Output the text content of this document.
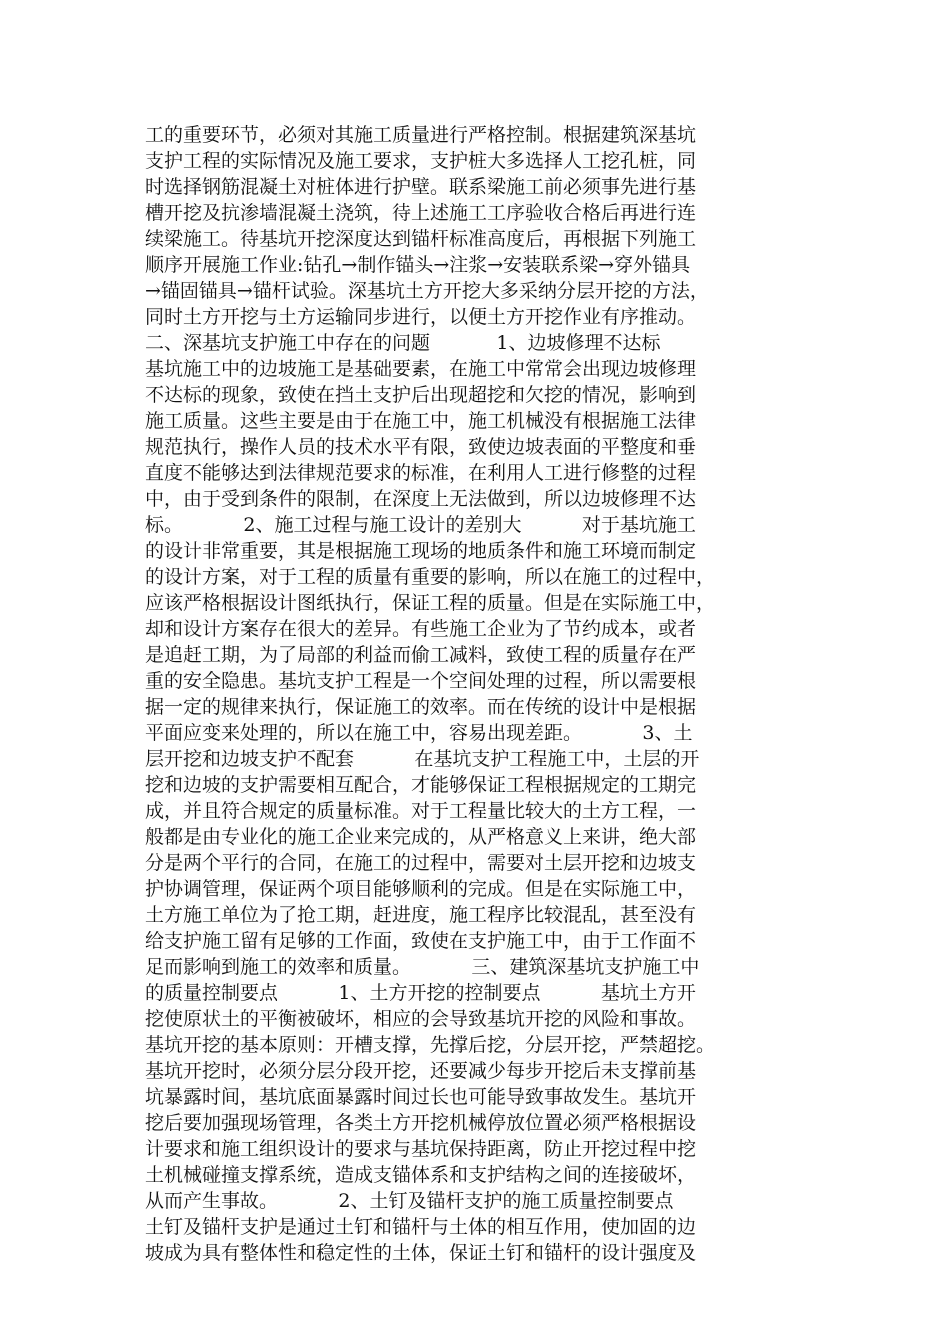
工的重要环节，必须对其施工质量进行严格控制。根据建筑深基坑
支护工程的实际情况及施工要求，支护桩大多选择人工挖孔桩，同
时选择钢筋混凝土对桩体进行护壁。联系梁施工前必须事先进行基
槽开挖及抗渗墙混凝土浇筑，待上述施工工序验收合格后再进行连
续梁施工。待基坑开挖深度达到锚杆标准高度后，再根据下列施工
顺序开展施工作业:钻孔→制作锚头→注浆→安装联系梁→穿外锚具
→锚固锚具→锚杆试验。深基坑土方开挖大多采纳分层开挖的方法，
同时土方开挖与土方运输同步进行，以便土方开挖作业有序推动。
二、深基坑支护施工中存在的问题           1、边坡修理不达标
基坑施工中的边坡施工是基础要素，在施工中常常会出现边坡修理
不达标的现象，致使在挡土支护后出现超挖和欠挖的情况，影响到
施工质量。这些主要是由于在施工中，施工机械没有根据施工法律
规范执行，操作人员的技术水平有限，致使边坡表面的平整度和垂
直度不能够达到法律规范要求的标准，在利用人工进行修整的过程
中，由于受到条件的限制，在深度上无法做到，所以边坡修理不达
标。          2、施工过程与施工设计的差别大          对于基坑施工
的设计非常重要，其是根据施工现场的地质条件和施工环境而制定
的设计方案，对于工程的质量有重要的影响，所以在施工的过程中，
应该严格根据设计图纸执行，保证工程的质量。但是在实际施工中，
却和设计方案存在很大的差异。有些施工企业为了节约成本，或者
是追赶工期，为了局部的利益而偷工减料，致使工程的质量存在严
重的安全隐患。基坑支护工程是一个空间处理的过程，所以需要根
据一定的规律来执行，保证施工的效率。而在传统的设计中是根据
平面应变来处理的，所以在施工中，容易出现差距。          3、土
层开挖和边坡支护不配套          在基坑支护工程施工中，土层的开
挖和边坡的支护需要相互配合，才能够保证工程根据规定的工期完
成，并且符合规定的质量标准。对于工程量比较大的土方工程，一
般都是由专业化的施工企业来完成的，从严格意义上来讲，绝大部
分是两个平行的合同，在施工的过程中，需要对土层开挖和边坡支
护协调管理，保证两个项目能够顺利的完成。但是在实际施工中，
土方施工单位为了抢工期，赶进度，施工程序比较混乱，甚至没有
给支护施工留有足够的工作面，致使在支护施工中，由于工作面不
足而影响到施工的效率和质量。          三、建筑深基坑支护施工中
的质量控制要点          1、土方开挖的控制要点          基坑土方开
挖使原状土的平衡被破坏，相应的会导致基坑开挖的风险和事故。
基坑开挖的基本原则：开槽支撑，先撑后挖，分层开挖，严禁超挖。
基坑开挖时，必须分层分段开挖，还要减少每步开挖后未支撑前基
坑暴露时间，基坑底面暴露时间过长也可能导致事故发生。基坑开
挖后要加强现场管理，各类土方开挖机械停放位置必须严格根据设
计要求和施工组织设计的要求与基坑保持距离，防止开挖过程中挖
土机械碰撞支撑系统，造成支锚体系和支护结构之间的连接破坏，
从而产生事故。          2、土钉及锚杆支护的施工质量控制要点
土钉及锚杆支护是通过土钉和锚杆与土体的相互作用，使加固的边
坡成为具有整体性和稳定性的土体，保证土钉和锚杆的设计强度及
